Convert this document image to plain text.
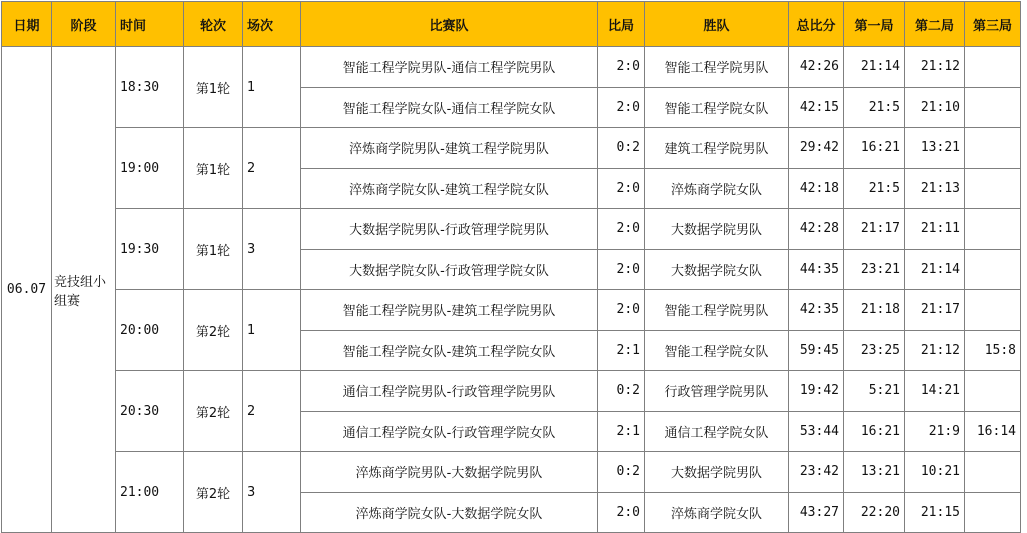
日期	阶段	时间	轮次	场次	比赛队	比局	胜队	总比分	第一局	第二局	第三局
06.07	竞技组小组赛	18:30	第1轮	1	智能工程学院男队-通信工程学院男队	2:0	智能工程学院男队	42:26	21:14	21:12	
					智能工程学院女队-通信工程学院女队	2:0	智能工程学院女队	42:15	21:5	21:10	
		19:00	第1轮	2	淬炼商学院男队-建筑工程学院男队	0:2	建筑工程学院男队	29:42	16:21	13:21	
					淬炼商学院女队-建筑工程学院女队	2:0	淬炼商学院女队	42:18	21:5	21:13	
		19:30	第1轮	3	大数据学院男队-行政管理学院男队	2:0	大数据学院男队	42:28	21:17	21:11	
					大数据学院女队-行政管理学院女队	2:0	大数据学院女队	44:35	23:21	21:14	
		20:00	第2轮	1	智能工程学院男队-建筑工程学院男队	2:0	智能工程学院男队	42:35	21:18	21:17	
					智能工程学院女队-建筑工程学院女队	2:1	智能工程学院女队	59:45	23:25	21:12	15:8
		20:30	第2轮	2	通信工程学院男队-行政管理学院男队	0:2	行政管理学院男队	19:42	5:21	14:21	
					通信工程学院女队-行政管理学院女队	2:1	通信工程学院女队	53:44	16:21	21:9	16:14
		21:00	第2轮	3	淬炼商学院男队-大数据学院男队	0:2	大数据学院男队	23:42	13:21	10:21	
					淬炼商学院女队-大数据学院女队	2:0	淬炼商学院女队	43:27	22:20	21:15	
